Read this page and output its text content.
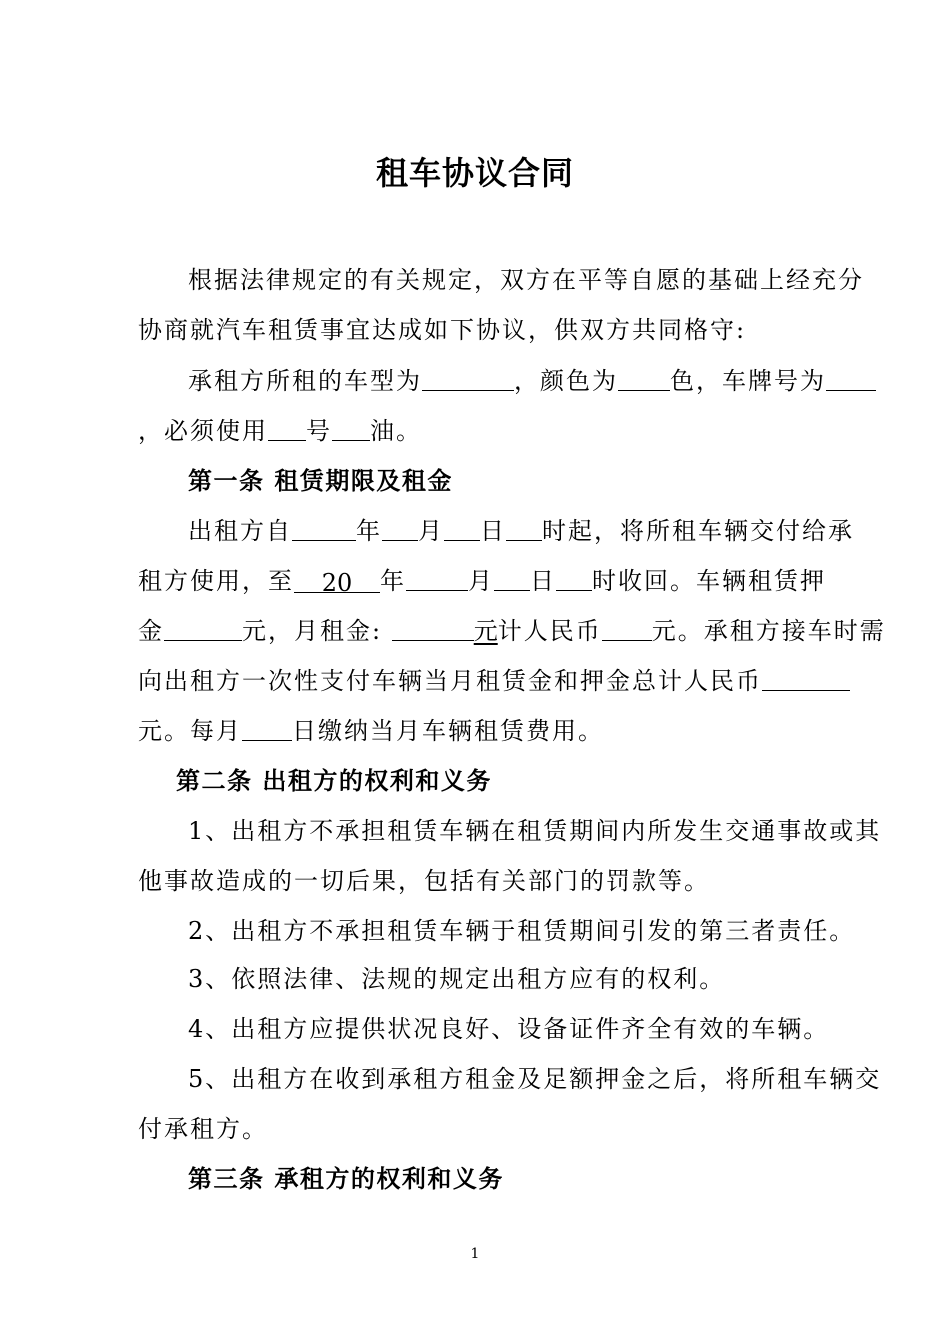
租车协议合同
根据法律规定的有关规定，双方在平等自愿的基础上经充分
协商就汽车租赁事宜达成如下协议，供双方共同格守:
承租方所租的车型为	，颜色为 色，车牌号为
，必须使用 号 油。
第一条 租赁期限及租金
出租方自	年 月 日 时起，将所租车辆交付给承
租方使用，至 20 年	月 日 时收回。车辆租赁押
金	元，月租金:	元计人民币 元。承租方接车时需
向出租方一次性支付车辆当月租赁金和押金总计人民币
元。每月 日缴纳当月车辆租赁费用。
第二条 出租方的权利和义务
1、出租方不承担租赁车辆在租赁期间内所发生交通事故或其
他事故造成的一切后果，包括有关部门的罚款等。
2、出租方不承担租赁车辆于租赁期间引发的第三者责任。
3、依照法律、法规的规定出租方应有的权利。
4、出租方应提供状况良好、设备证件齐全有效的车辆。
5、出租方在收到承租方租金及足额押金之后，将所租车辆交
付承租方。
第三条 承租方的权利和义务
1
